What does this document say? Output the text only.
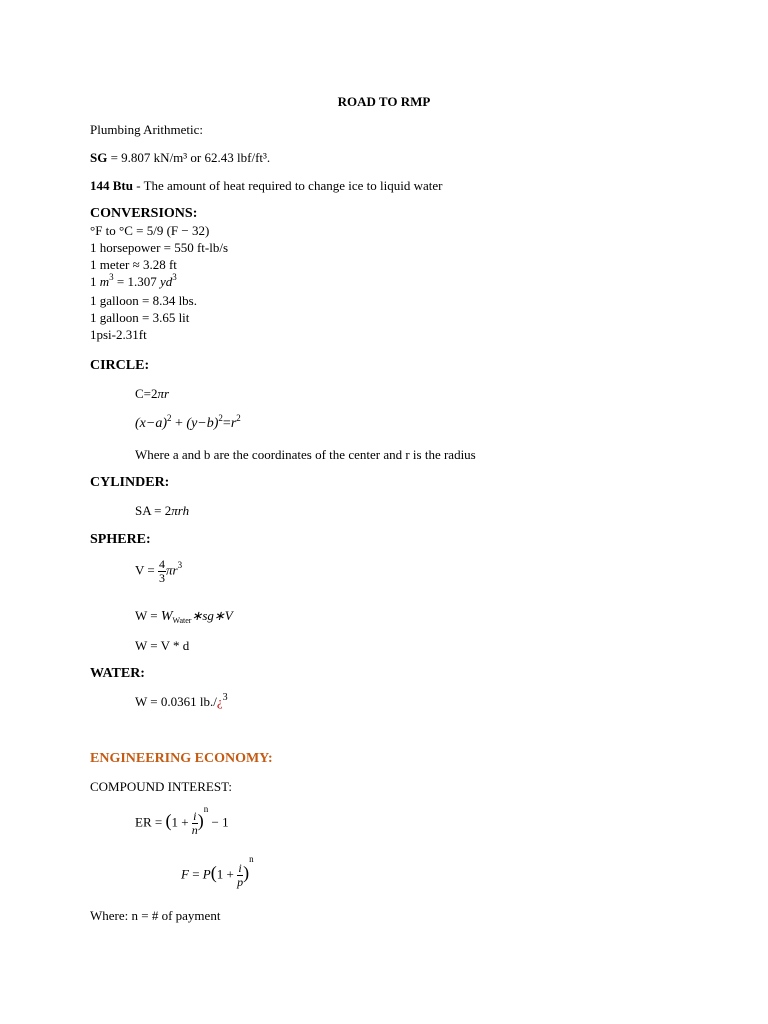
ROAD TO RMP
Plumbing Arithmetic:
SG = 9.807 kN/m³ or 62.43 lbf/ft³.
144 Btu - The amount of heat required to change ice to liquid water
CONVERSIONS:
°F to °C = 5/9 (F − 32)
1 horsepower = 550 ft-lb/s
1 meter ≈ 3.28 ft
1 $m^3 = 1.307$ $yd^3$
1 galloon = 8.34 lbs.
1 galloon = 3.65 lit
1psi-2.31ft
CIRCLE:
C=2πr
$(x-a)^2 + (y-b)^2=r^2$
Where a and b are the coordinates of the center and r is the radius
CYLINDER:
SA = 2πrh
SPHERE:
$V = \frac{4}{3} \pi r^3$
$W = W_{Water}∗sg∗V$
W = V * d
WATER:
W = 0.0361 lb./¿$^3$
ENGINEERING ECONOMY:
COMPOUND INTEREST:
ER = $(1 + \frac{i}{n} )^n - 1$
$F = P(1 + \frac{i}{p} )^n$
Where: n = # of payment
